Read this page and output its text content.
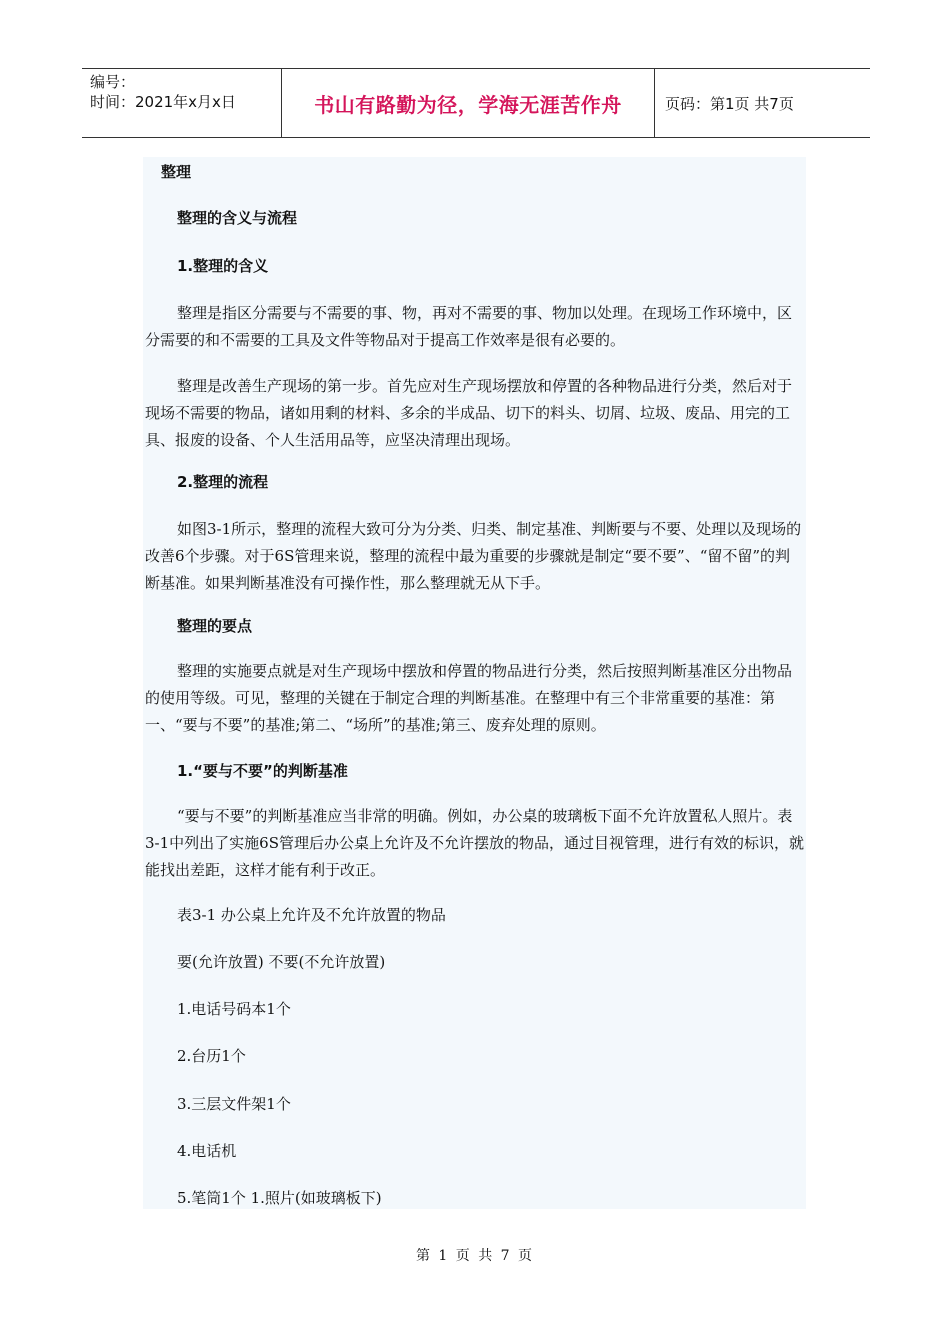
编号：
时间：2021年x月x日	书山有路勤为径，学海无涯苦作舟	页码：第1页 共7页

整理

整理的含义与流程

1.整理的含义

整理是指区分需要与不需要的事、物，再对不需要的事、物加以处理。在现场工作环境中，区分需要的和不需要的工具及文件等物品对于提高工作效率是很有必要的。

整理是改善生产现场的第一步。首先应对生产现场摆放和停置的各种物品进行分类，然后对于现场不需要的物品，诸如用剩的材料、多余的半成品、切下的料头、切屑、垃圾、废品、用完的工具、报废的设备、个人生活用品等，应坚决清理出现场。

2.整理的流程

如图3-1所示，整理的流程大致可分为分类、归类、制定基准、判断要与不要、处理以及现场的改善6个步骤。对于6S管理来说，整理的流程中最为重要的步骤就是制定“要不要”、“留不留”的判断基准。如果判断基准没有可操作性，那么整理就无从下手。

整理的要点

整理的实施要点就是对生产现场中摆放和停置的物品进行分类，然后按照判断基准区分出物品的使用等级。可见，整理的关键在于制定合理的判断基准。在整理中有三个非常重要的基准：第一、“要与不要”的基准;第二、“场所”的基准;第三、废弃处理的原则。

1.“要与不要”的判断基准

“要与不要”的判断基准应当非常的明确。例如，办公桌的玻璃板下面不允许放置私人照片。表3-1中列出了实施6S管理后办公桌上允许及不允许摆放的物品，通过目视管理，进行有效的标识，就能找出差距，这样才能有利于改正。

表3-1 办公桌上允许及不允许放置的物品

要(允许放置) 不要(不允许放置)

1.电话号码本1个

2.台历1个

3.三层文件架1个

4.电话机

5.笔筒1个 1.照片(如玻璃板下)

第 1 页 共 7 页
